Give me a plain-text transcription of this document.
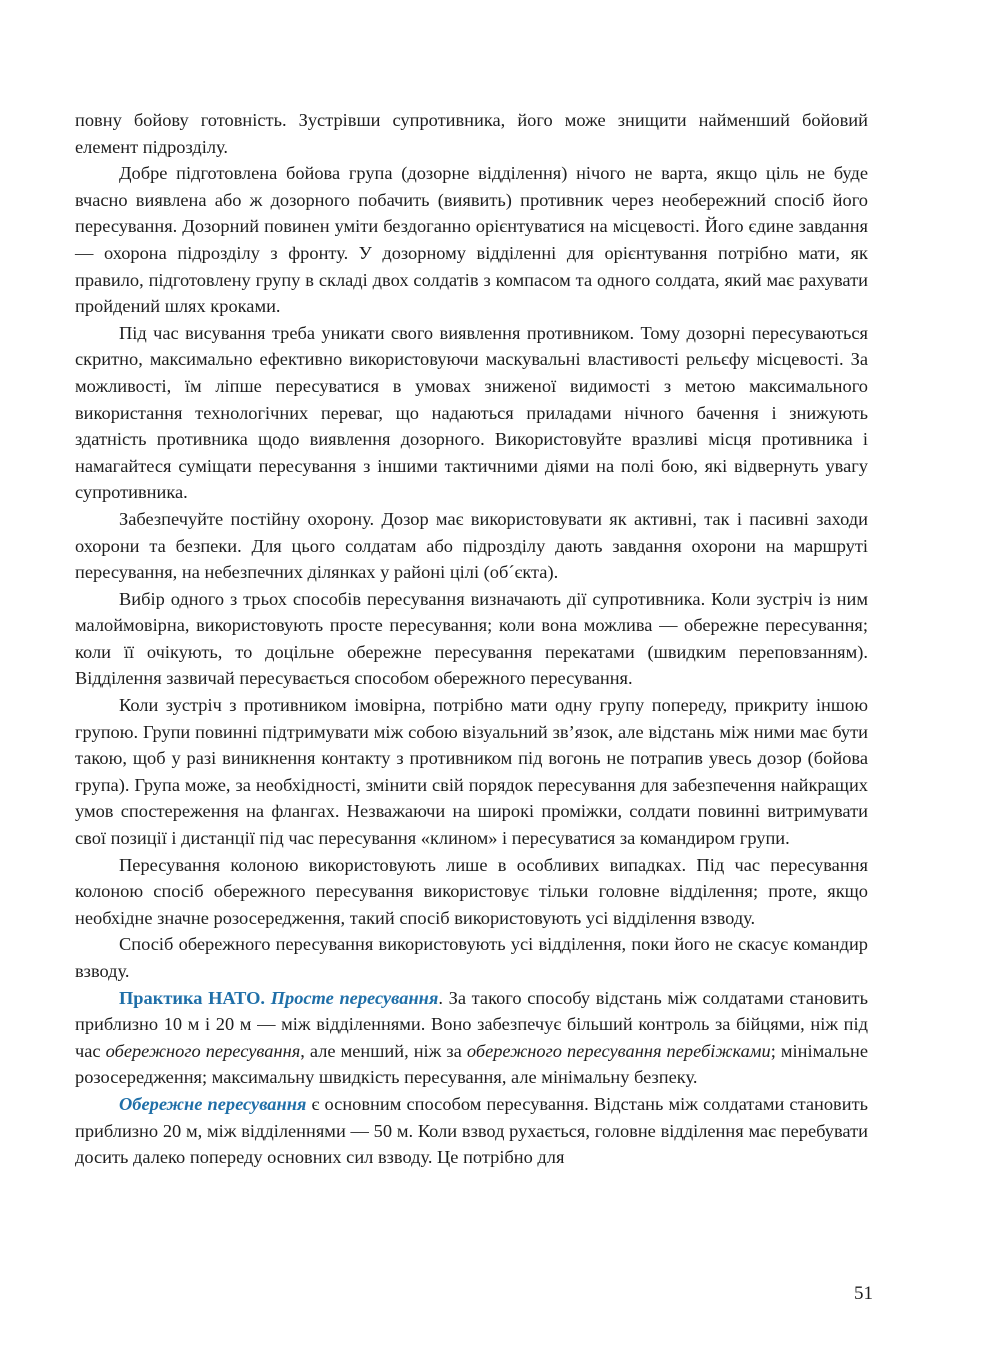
повну бойову готовність. Зустрівши супротивника, його може знищити найменший бойовий елемент підрозділу.

Добре підготовлена бойова група (дозорне відділення) нічого не варта, якщо ціль не буде вчасно виявлена або ж дозорного побачить (виявить) противник через необережний спосіб його пересування. Дозорний повинен уміти бездоганно орієнтуватися на місцевості. Його єдине завдання — охорона підрозділу з фронту. У дозорному відділенні для орієнтування потрібно мати, як правило, підготовлену групу в складі двох солдатів з компасом та одного солдата, який має рахувати пройдений шлях кроками.

Під час висування треба уникати свого виявлення противником. Тому дозорні пересуваються скритно, максимально ефективно використовуючи маскувальні властивості рельєфу місцевості. За можливості, їм ліпше пересуватися в умовах зниженої видимості з метою максимального використання технологічних переваг, що надаються приладами нічного бачення і знижують здатність противника щодо виявлення дозорного. Використовуйте вразливі місця противника і намагайтеся суміщати пересування з іншими тактичними діями на полі бою, які відвернуть увагу супротивника.

Забезпечуйте постійну охорону. Дозор має використовувати як активні, так і пасивні заходи охорони та безпеки. Для цього солдатам або підрозділу дають завдання охорони на маршруті пересування, на небезпечних ділянках у районі цілі (обˊєкта).

Вибір одного з трьох способів пересування визначають дії супротивника. Коли зустріч із ним малоймовірна, використовують просте пересування; коли вона можлива — обережне пересування; коли її очікують, то доцільне обережне пересування перекатами (швидким переповзанням). Відділення зазвичай пересувається способом обережного пересування.

Коли зустріч з противником імовірна, потрібно мати одну групу попереду, прикриту іншою групою. Групи повинні підтримувати між собою візуальний звʼязок, але відстань між ними має бути такою, щоб у разі виникнення контакту з противником під вогонь не потрапив увесь дозор (бойова група). Група може, за необхідності, змінити свій порядок пересування для забезпечення найкращих умов спостереження на флангах. Незважаючи на широкі проміжки, солдати повинні витримувати свої позиції і дистанції під час пересування «клином» і пересуватися за командиром групи.

Пересування колоною використовують лише в особливих випадках. Під час пересування колоною спосіб обережного пересування використовує тільки головне відділення; проте, якщо необхідне значне розосередження, такий спосіб використовують усі відділення взводу.

Спосіб обережного пересування використовують усі відділення, поки його не скасує командир взводу.

Практика НАТО. Просте пересування. За такого способу відстань між солдатами становить приблизно 10 м і 20 м — між відділеннями. Воно забезпечує більший контроль за бійцями, ніж під час обережного пересування, але менший, ніж за обережного пересування перебіжками; мінімальне розосередження; максимальну швидкість пересування, але мінімальну безпеку.

Обережне пересування є основним способом пересування. Відстань між солдатами становить приблизно 20 м, між відділеннями — 50 м. Коли взвод рухається, головне відділення має перебувати досить далеко попереду основних сил взводу. Це потрібно для

51
